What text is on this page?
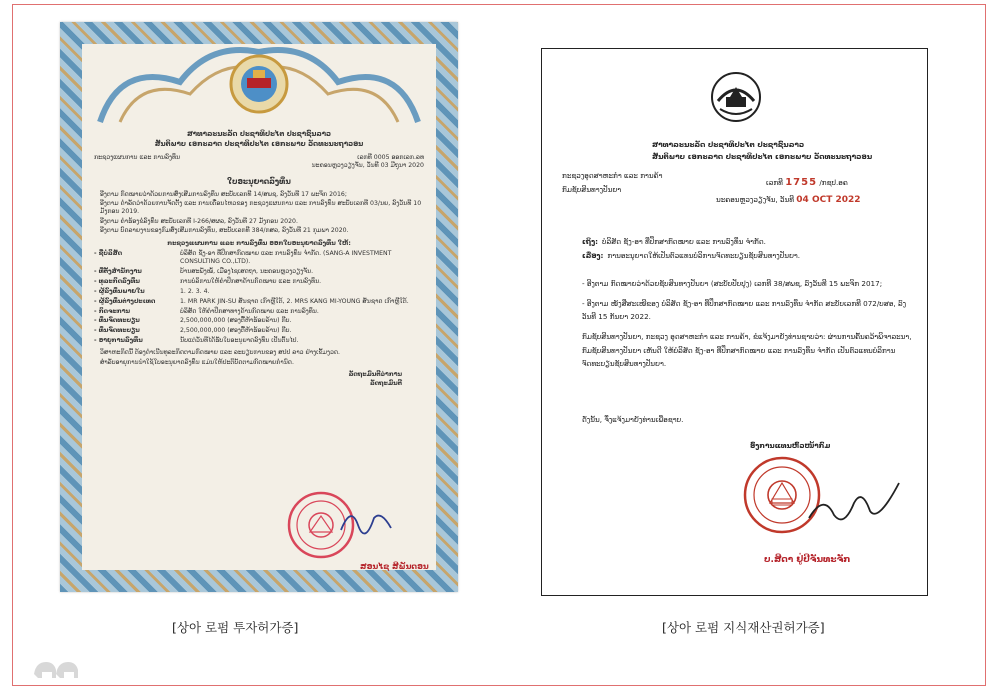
ສາທາລະນະລັດ ປະຊາທິປະໄຕ ປະຊາຊົນລາວ
ສັນຕິພາບ ເອກະລາດ ປະຊາທິປະໄຕ ເອກະພາບ ວັດທະນະຖາວອນ
ກະຊວງແຜນການ ແລະ ການລົງທຶນ	ເລກທີ 0005 ອອກເລກ.ລທ
ນະຄອນຫຼວງວຽງຈັນ, ວັນທີ 03 ມີຖຸນາ 2020
ໃບອະນຸຍາດລົງທຶນ
ອີງຕາມ ກົດໝາຍວ່າດ້ວຍການສົ່ງເສີມການລົງທຶນ ສະບັບເລກທີ 14/ສພຊ, ລົງວັນທີ 17 ພະຈິກ 2016;
ອີງຕາມ ດຳລັດວ່າດ້ວຍການຈັດຕັ້ງ ແລະ ການເຄື່ອນໄຫວຂອງ ກະຊວງແຜນການ ແລະ ການລົງທຶນ ສະບັບເລກທີ 03/ນຍ, ລົງວັນທີ 10 ມັງກອນ 2019.
ອີງຕາມ ຄຳຮ້ອງຂໍລົງທຶນ ສະບັບເລກທີ I-266/ສຜລ, ລົງວັນທີ 27 ມັງກອນ 2020.
ອີງຕາມ ບົດລາຍງານຂອງກົມສົ່ງເສີມການລົງທຶນ, ສະບັບເລກທີ 384/ກສລ, ລົງວັນທີ 21 ກຸມພາ 2020.
ກະຊວງແຜນການ ແລະ ການລົງທຶນ ອອກໃບອະນຸຍາດລົງທຶນ ໃຫ້:
- ຊື່ບໍລິສັດ	ບໍລິສັດ ຊັງ-ອາ ທີ່ປຶກສາກົດໝາຍ ແລະ ການລົງທຶນ ຈຳກັດ. (SANG-A INVESTMENT CONSULTING CO.,LTD).
- ທີ່ຕັ້ງສຳນັກງານ	ບ້ານສະພັງໝໍ້, ເມືອງໄຊເສດຖາ, ນະຄອນຫຼວງວຽງຈັນ.
- ທຸລະກິດລົງທຶນ	ການບໍລິການໃຫ້ຄຳປຶກສາດ້ານກົດໝາຍ ແລະ ການລົງທຶນ.
- ຜູ້ລົງທຶນພາຍໃນ	1. 2. 3. 4.
- ຜູ້ລົງທຶນຕ່າງປະເທດ	1. MR PARK JIN-SU ສັນຊາດ ເກົາຫຼີໃຕ້, 2. MRS KANG MI-YOUNG ສັນຊາດ ເກົາຫຼີໃຕ້.
- ກິດຈະການ	ບໍລິສັດ ໃຫ້ຄຳປຶກສາທາງດ້ານກົດໝາຍ ແລະ ການລົງທຶນ.
- ທຶນຈົດທະບຽນ	2,500,000,000 (ສອງຕື້ຫ້າຮ້ອຍລ້ານ) ກີບ.
- ທຶນຈົດທະບຽນ	2,500,000,000 (ສອງຕື້ຫ້າຮ້ອຍລ້ານ) ກີບ.
- ອາຍຸການລົງທຶນ	ນັບແຕ່ວັນທີໄດ້ຮັບໃບອະນຸຍາດລົງທຶນ ເປັນຕົ້ນໄປ.
ວິສາຫະກິດນີ້ ຕ້ອງດຳເນີນທຸລະກິດຕາມກົດໝາຍ ແລະ ລະບຽບການຂອງ ສປປ ລາວ ຢ່າງເຂັ້ມງວດ.
ສຳລັບອາຍຸການນຳໃຊ້ໃບອະນຸຍາດລົງທຶນ ແມ່ນໃຫ້ປະຕິບັດຕາມກົດໝາຍກຳນົດ.
ລັດຖະມົນຕີວ່າການ
ລັດຖະມົນຕີ
ສອນໄຊ ສີພັນດອນ
ສາທາລະນະລັດ ປະຊາທິປະໄຕ ປະຊາຊົນລາວ
ສັນຕິພາບ ເອກະລາດ ປະຊາທິປະໄຕ ເອກະພາບ ວັດທະນະຖາວອນ
ກະຊວງອຸດສາຫະກຳ ແລະ ການຄ້າ
ກົມຊັບສິນທາງປັນຍາ
ເລກທີ 1755 /ກຊປ.ອຄ
ນະຄອນຫຼວງວຽງຈັນ, ວັນທີ 04 OCT 2022
ເຖິງ: ບໍລິສັດ ຊັງ-ອາ ທີ່ປຶກສາກົດໝາຍ ແລະ ການລົງທຶນ ຈຳກັດ.
ເລື່ອງ: ການອະນຸຍາດໃຫ້ເປັນຕົວແທນບໍລິການຈົດທະບຽນຊັບສິນທາງປັນຍາ.

- ອີງຕາມ ກົດໝາຍວ່າດ້ວຍຊັບສິນທາງປັນຍາ (ສະບັບປັບປຸງ) ເລກທີ 38/ສພຊ, ລົງວັນທີ 15 ພະຈິກ 2017;

- ອີງຕາມ ໜັງສືສະເໜີຂອງ ບໍລິສັດ ຊັງ-ອາ ທີ່ປຶກສາກົດໝາຍ ແລະ ການລົງທຶນ ຈຳກັດ ສະບັບເລກທີ 072/ບສອ, ລົງວັນທີ 15 ກັນຍາ 2022.

ກົມຊັບສິນທາງປັນຍາ, ກະຊວງ ອຸດສາຫະກຳ ແລະ ການຄ້າ, ຂໍແຈ້ງມາຍັງທ່ານຊາບວ່າ: ຜ່ານການຄົ້ນຄວ້າພິຈາລະນາ, ກົມຊັບສິນທາງປັນຍາ ເຫັນດີ ໃຫ້ບໍລິສັດ ຊັງ-ອາ ທີ່ປຶກສາກົດໝາຍ ແລະ ການລົງທຶນ ຈຳກັດ ເປັນຕົວແທນບໍລິການຈົດທະບຽນຊັບສິນທາງປັນຍາ.

ດັ່ງນັ້ນ, ຈຶ່ງແຈ້ງມາຍັງທ່ານເພື່ອຊາບ.
ອົງການແທນຫົວໜ້າກົມ
ບ.ສີດາ ຢູ່ປີຈັນທະຈັກ
[상아 로펌 투자허가증]	[상아 로펌 지식재산권허가증]
